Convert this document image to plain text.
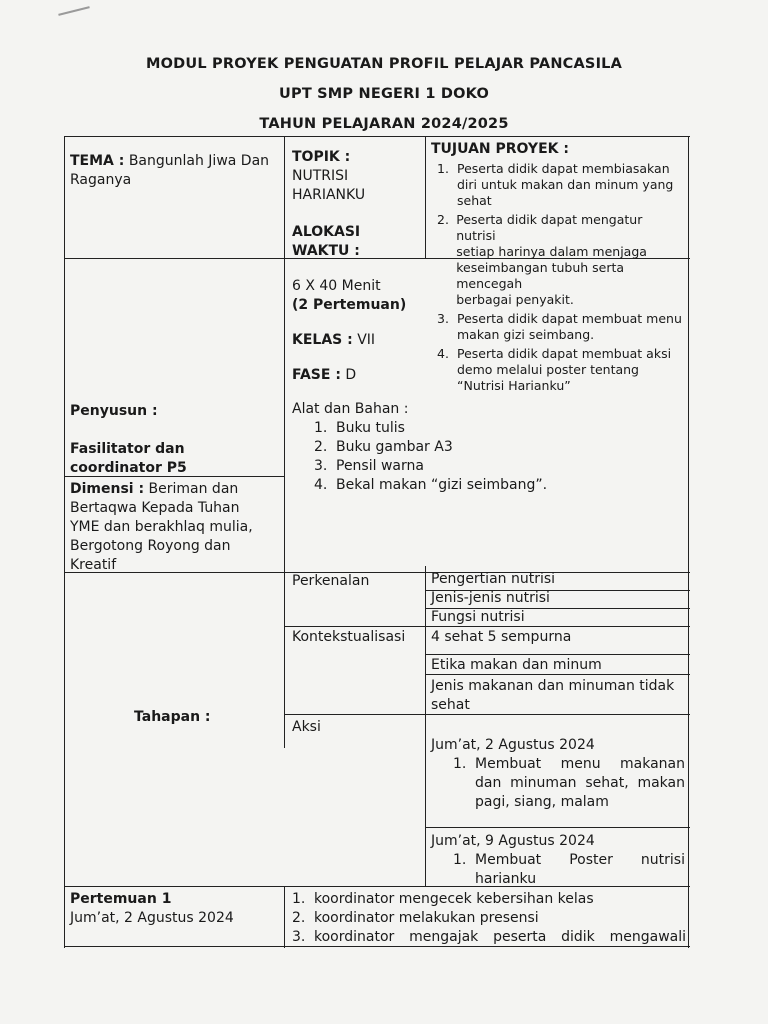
MODUL PROYEK PENGUATAN PROFIL PELAJAR PANCASILA
UPT SMP NEGERI 1 DOKO
TAHUN PELAJARAN 2024/2025
TEMA : Bangunlah Jiwa Dan
Raganya
TOPIK :
NUTRISI
HARIANKU
ALOKASI
WAKTU :
6 X 40 Menit
(2 Pertemuan)
KELAS : VII
FASE : D
TUJUAN PROYEK :
1. Peserta didik dapat membiasakan
diri untuk makan dan minum yang
sehat
2. Peserta didik dapat mengatur nutrisi
setiap harinya dalam menjaga
keseimbangan tubuh serta mencegah
berbagai penyakit.
3. Peserta didik dapat membuat menu
makan gizi seimbang.
4. Peserta didik dapat membuat aksi
demo melalui poster tentang
“Nutrisi Harianku”
Penyusun :
Fasilitator dan
coordinator P5
Dimensi : Beriman dan
Bertaqwa Kepada Tuhan
YME dan berakhlaq mulia,
Bergotong Royong dan
Kreatif
Alat dan Bahan :
1. Buku tulis
2. Buku gambar A3
3. Pensil warna
4. Bekal makan “gizi seimbang”.
Tahapan :
Perkenalan	Pengertian nutrisi
Jenis-jenis nutrisi
Fungsi nutrisi
Kontekstualisasi 4 sehat 5 sempurna
Etika makan dan minum
Jenis makanan dan minuman tidak
sehat
Aksi
Jum’at, 2 Agustus 2024
1. Membuat menu makanan
dan minuman sehat, makan
pagi, siang, malam
Jum’at, 9 Agustus 2024
1. Membuat Poster nutrisi
harianku
Pertemuan 1
Jum’at, 2 Agustus 2024
1. koordinator mengecek kebersihan kelas
2. koordinator melakukan presensi
3. koordinator mengajak peserta didik mengawali
